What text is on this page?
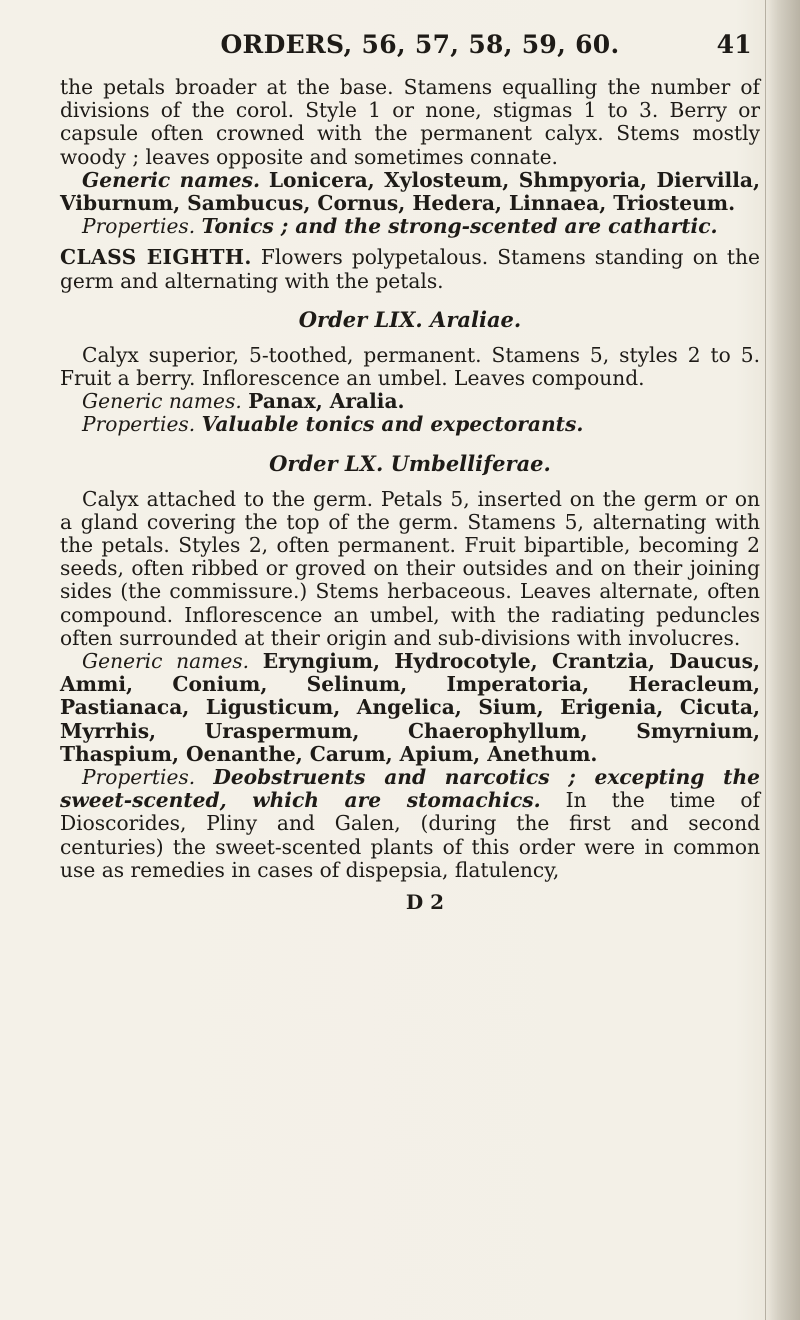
ORDERS, 56, 57, 58, 59, 60.	41

the petals broader at the base. Stamens equalling the number of divisions of the corol. Style 1 or none, stigmas 1 to 3. Berry or capsule often crowned with the permanent calyx. Stems mostly woody ; leaves opposite and sometimes connate.

Generic names. Lonicera, Xylosteum, Shmpyoria, Diervilla, Viburnum, Sambucus, Cornus, Hedera, Linnaea, Triosteum.

Properties. Tonics ; and the strong-scented are cathartic.

CLASS EIGHTH. Flowers polypetalous. Stamens standing on the germ and alternating with the petals.

Order LIX. Araliae.

Calyx superior, 5-toothed, permanent. Stamens 5, styles 2 to 5. Fruit a berry. Inflorescence an umbel. Leaves compound.

Generic names. Panax, Aralia.

Properties. Valuable tonics and expectorants.

Order LX. Umbelliferae.

Calyx attached to the germ. Petals 5, inserted on the germ or on a gland covering the top of the germ. Stamens 5, alternating with the petals. Styles 2, often permanent. Fruit bipartible, becoming 2 seeds, often ribbed or groved on their outsides and on their joining sides (the commissure.) Stems herbaceous. Leaves alternate, often compound. Inflorescence an umbel, with the radiating peduncles often surrounded at their origin and sub-divisions with involucres.

Generic names. Eryngium, Hydrocotyle, Crantzia, Daucus, Ammi, Conium, Selinum, Imperatoria, Heracleum, Pastianaca, Ligusticum, Angelica, Sium, Erigenia, Cicuta, Myrrhis, Uraspermum, Chaerophyllum, Smyrnium, Thaspium, Oenanthe, Carum, Apium, Anethum.

Properties. Deobstruents and narcotics ; excepting the sweet-scented, which are stomachics. In the time of Dioscorides, Pliny and Galen, (during the first and second centuries) the sweet-scented plants of this order were in common use as remedies in cases of dispepsia, flatulency,

D 2
